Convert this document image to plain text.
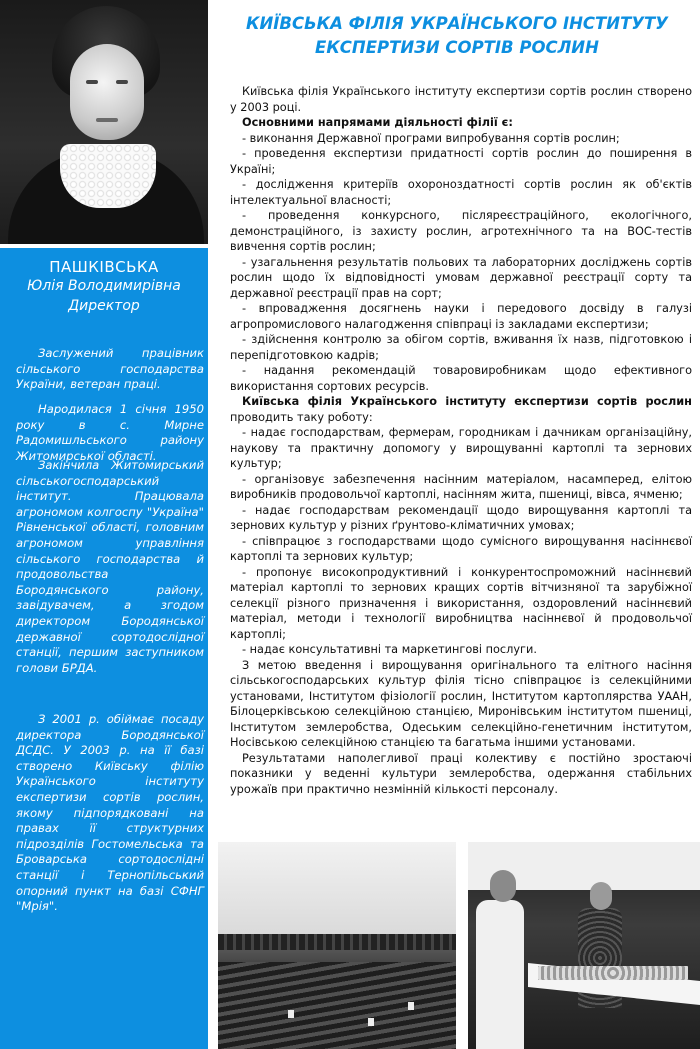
ПАШКІВСЬКА
Юлія Володимирівна
Директор

Заслужений працівник сільського господарства України, ветеран праці.

Народилася 1 січня 1950 року в с. Мирне Радомишльського району Житомирської області.

Закінчила Житомирський сільськогосподарський інститут. Працювала агрономом колгоспу "Україна" Рівненської області, головним агрономом управління сільського господарства й продовольства Бородянського району, завідувачем, а згодом директором Бородянської державної сортодослідної станції, першим заступником голови БРДА.

З 2001 р. обіймає посаду директора Бородянської ДСДС. У 2003 р. на її базі створено Київську філію Українського інституту експертизи сортів рослин, якому підпорядковані на правах її структурних підрозділів Гостомельська та Броварська сортодослідні станції і Тернопільський опорний пункт на базі СФНГ "Мрія".

КИЇВСЬКА ФІЛІЯ УКРАЇНСЬКОГО ІНСТИТУТУ
ЕКСПЕРТИЗИ СОРТІВ РОСЛИН

Київська філія Українського інституту експертизи сортів рослин створено у 2003 році.

Основними напрямами діяльності філії є:

- виконання Державної програми випробування сортів рослин;

- проведення експертизи придатності сортів рослин до поширення в Україні;

- дослідження критеріїв охороноздатності сортів рослин як об'єктів інтелектуальної власності;

- проведення конкурсного, післяреєстраційного, екологічного, демонстраційного, із захисту рослин, агротехнічного та на ВОС-тестів вивчення сортів рослин;

- узагальнення результатів польових та лабораторних досліджень сортів рослин щодо їх відповідності умовам державної реєстрації сорту та державної реєстрації прав на сорт;

- впровадження досягнень науки і передового досвіду в галузі агропромислового налагодження співпраці із закладами експертизи;

- здійснення контролю за обігом сортів, вживання їх назв, підготовкою і перепідготовкою кадрів;

- надання рекомендацій товаровиробникам щодо ефективного використання сортових ресурсів.

Київська філія Українського інституту експертизи сортів рослин проводить таку роботу:

- надає господарствам, фермерам, городникам і дачникам організаційну, наукову та практичну допомогу у вирощуванні картоплі та зернових культур;

- організовує забезпечення насінним матеріалом, насамперед, елітою виробників продовольчої картоплі, насінням жита, пшениці, вівса, ячменю;

- надає господарствам рекомендації щодо вирощування картоплі та зернових культур у різних ґрунтово-кліматичних умовах;

- співпрацює з господарствами щодо сумісного вирощування насіннєвої картоплі та зернових культур;

- пропонує високопродуктивний і конкурентоспроможний насіннєвий матеріал картоплі то зернових кращих сортів вітчизняної та зарубіжної селекції різного призначення і використання, оздоровлений насіннєвий матеріал, методи і технології виробництва насіннєвої й продовольчої картоплі;

- надає консультативні та маркетингові послуги.

З метою введення і вирощування оригінального та елітного насіння сільськогосподарських культур філія тісно співпрацює із селекційними установами, Інститутом фізіології рослин, Інститутом картоплярства УААН, Білоцерківською селекційною станцією, Миронівським інститутом пшениці, Інститутом землеробства, Одеським селекційно-генетичним інститутом, Носівською селекційною станцією та багатьма іншими установами.

Результатами наполегливої праці колективу є постійно зростаючі показники у веденні культури землеробства, одержання стабільних урожаїв при практично незмінній кількості персоналу.
